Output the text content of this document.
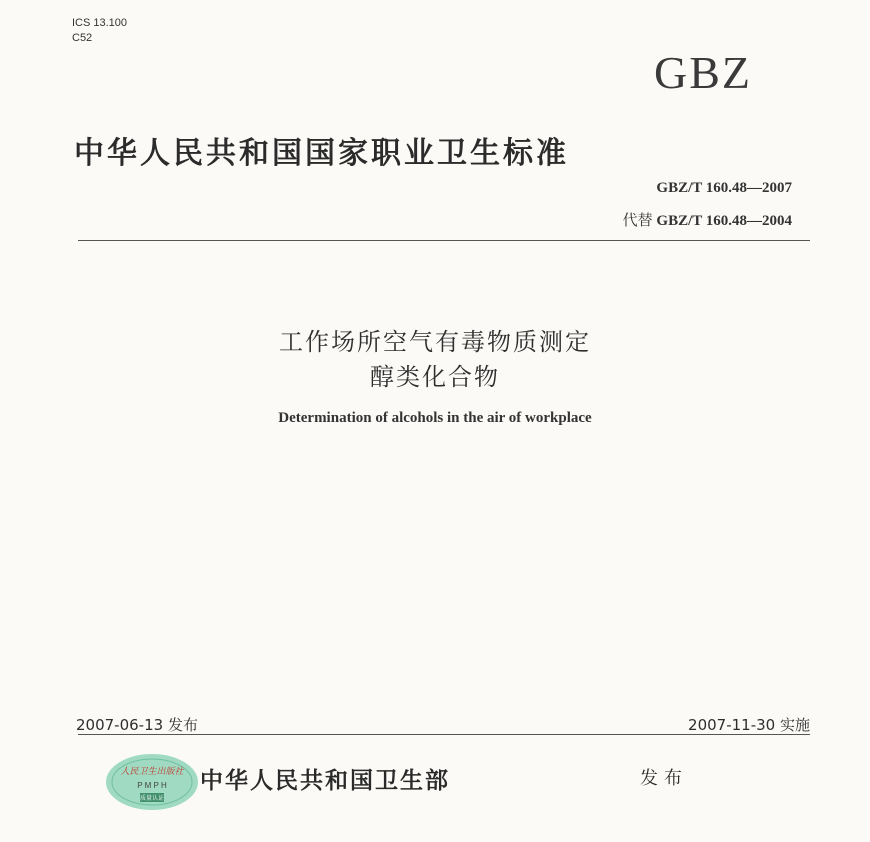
ICS 13.100
C52
GBZ
中华人民共和国国家职业卫生标准
GBZ/T 160.48—2007
代替 GBZ/T 160.48—2004
工作场所空气有毒物质测定
醇类化合物
Determination of alcohols in the air of workplace
2007-06-13 发布	2007-11-30 实施
人民卫生出版社
P M P H
质量认证
中华人民共和国卫生部	发布
